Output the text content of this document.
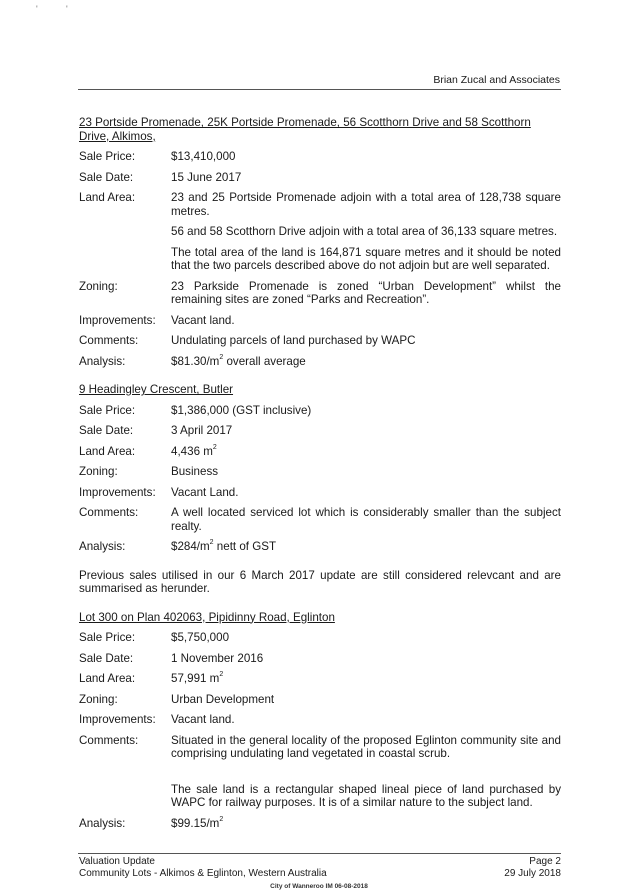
'	'
Brian Zucal and Associates
23 Portside Promenade, 25K Portside Promenade, 56 Scotthorn Drive and 58 Scotthorn Drive, Alkimos,
Sale Price:	$13,410,000
Sale Date:	15 June 2017
Land Area:	23 and 25 Portside Promenade adjoin with a total area of 128,738 square metres.
56 and 58 Scotthorn Drive adjoin with a total area of 36,133 square metres.
The total area of the land is 164,871 square metres and it should be noted that the two parcels described above do not adjoin but are well separated.
Zoning:	23 Parkside Promenade is zoned “Urban Development” whilst the remaining sites are zoned “Parks and Recreation”.
Improvements:	Vacant land.
Comments:	Undulating parcels of land purchased by WAPC
Analysis:	$\$81.30/m^2$ overall average
9 Headingley Crescent, Butler
Sale Price:	$1,386,000 (GST inclusive)
Sale Date:	3 April 2017
Land Area:	4,436 $m^2$
Zoning:	Business
Improvements:	Vacant Land.
Comments:	A well located serviced lot which is considerably smaller than the subject realty.
Analysis:	$\$284/m^2$ nett of GST
Previous sales utilised in our 6 March 2017 update are still considered relevcant and are summarised as herunder.
Lot 300 on Plan 402063, Pipidinny Road, Eglinton
Sale Price:	$5,750,000
Sale Date:	1 November 2016
Land Area:	57,991 $m^2$
Zoning:	Urban Development
Improvements:	Vacant land.
Comments:	Situated in the general locality of the proposed Eglinton community site and comprising undulating land vegetated in coastal scrub.
The sale land is a rectangular shaped lineal piece of land purchased by WAPC for railway purposes. It is of a similar nature to the subject land.
Analysis:	$\$99.15/m^2$
Valuation Update
Community Lots - Alkimos & Eglinton, Western Australia
Page 2
29 July 2018
City of Wanneroo IM 06-08-2018
